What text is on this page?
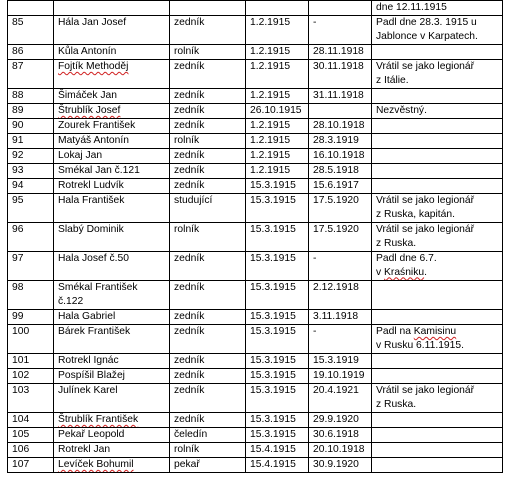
					dne 12.11.1915

85	Hála Jan Josef	zedník	1.2.1915	-	Padl dne 28.3. 1915 u
Jablonce v Karpatech.

86	Kůla Antonín	rolník	1.2.1915	28.11.1918	
87	Fojtík Methoděj	zedník	1.2.1915	30.11.1918	Vrátil se jako legionář
z Itálie.

88	Šimáček Jan	zedník	1.2.1915	31.11.1918	
89	Štrublík Josef	zedník	26.10.1915		Nezvěstný.

90	Zourek František	zedník	1.2.1915	28.10.1918	
91	Matyáš Antonín	rolník	1.2.1915	28.3.1919	
92	Lokaj Jan	zedník	1.2.1915	16.10.1918	
93	Smékal Jan č.121	zedník	1.2.1915	28.5.1918	
94	Rotrekl Ludvík	zedník	15.3.1915	15.6.1917	
95	Hala František	studující	15.3.1915	17.5.1920	Vrátil se jako legionář
z Ruska, kapitán.

96	Slabý Dominik	rolník	15.3.1915	17.5.1920	Vrátil se jako legionář
z Ruska.

97	Hala Josef č.50	zedník	15.3.1915	-	Padl dne 6.7.
v Kraśniku.

98	Smékal František
č.122	zedník	15.3.1915	2.12.1918	
99	Hala Gabriel	zedník	15.3.1915	3.11.1918	
100	Bárek František	zedník	15.3.1915	-	Padl na Kamisinu
v Rusku 6.11.1915.

101	Rotrekl Ignác	zedník	15.3.1915	15.3.1919	
102	Pospíšil Blažej	zedník	15.3.1915	19.10.1919	
103	Julínek Karel	zedník	15.3.1915	20.4.1921	Vrátil se jako legionář
z Ruska.

104	Štrublík František	zedník	15.3.1915	29.9.1920	
105	Pekař Leopold	čeledín	15.3.1915	30.6.1918	
106	Rotrekl Jan	rolník	15.4.1915	20.10.1918	
107	Levíček Bohumil	pekař	15.4.1915	30.9.1920	
